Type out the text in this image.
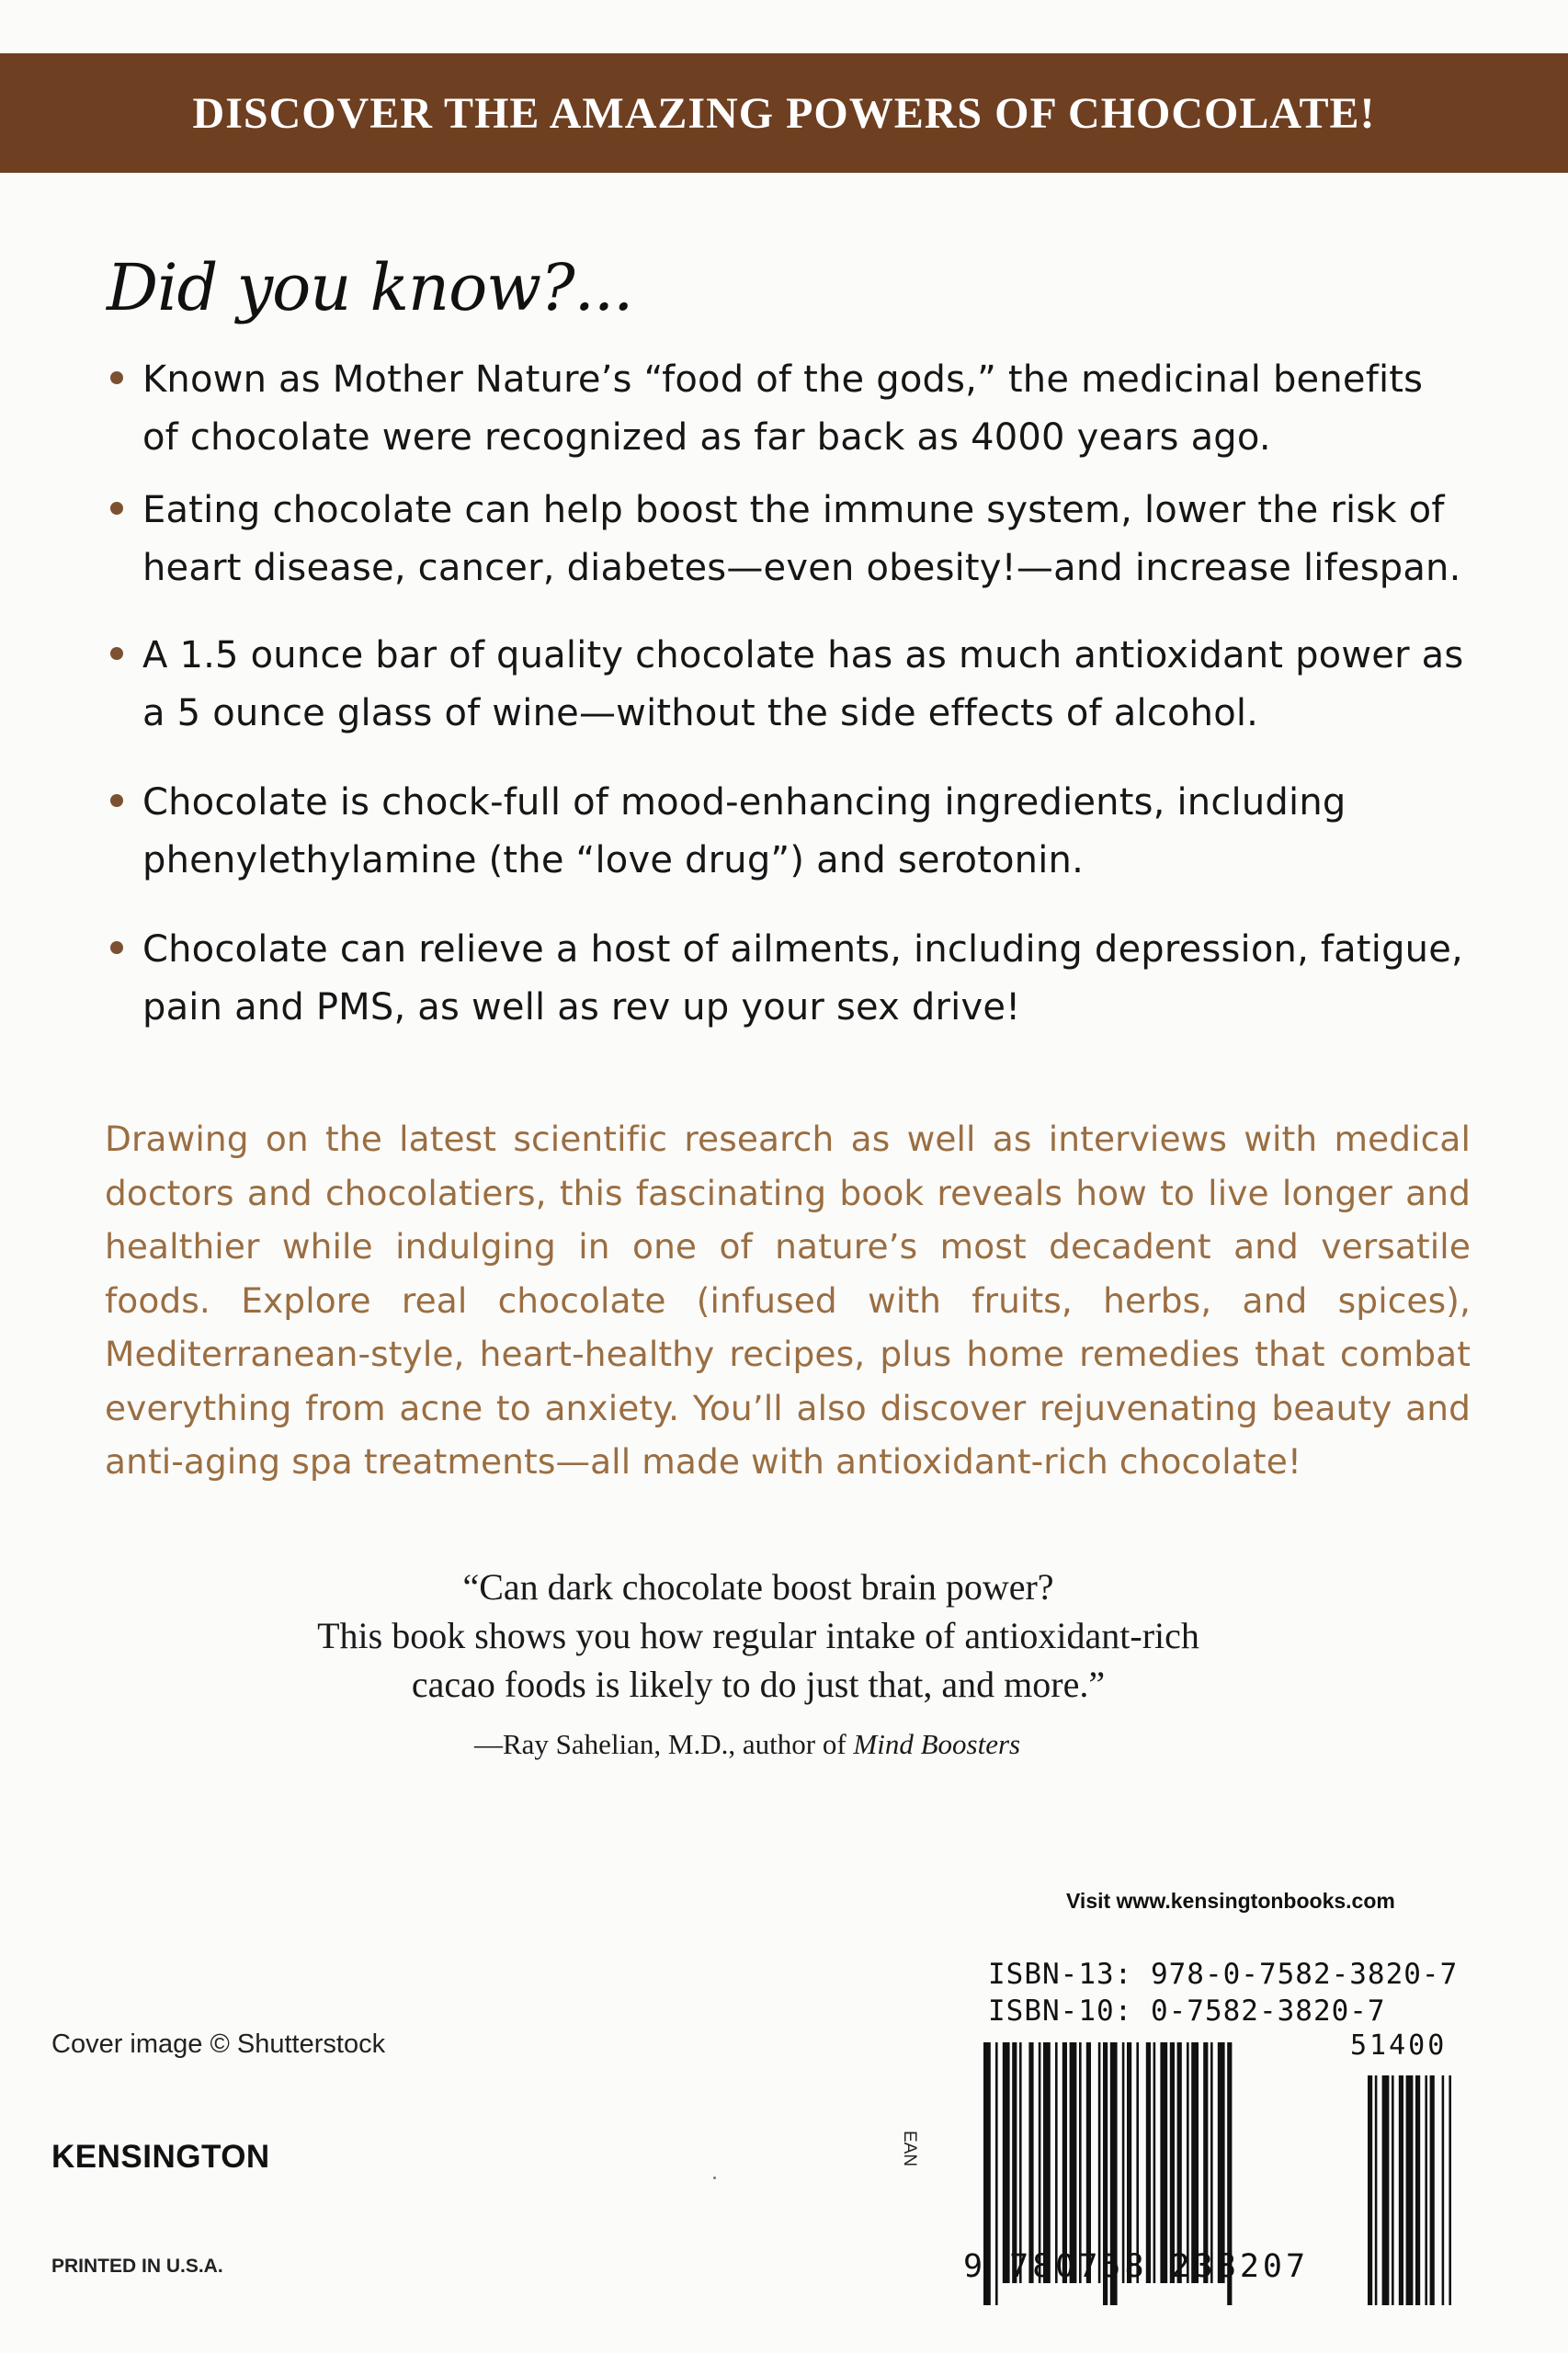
DISCOVER THE AMAZING POWERS OF CHOCOLATE!
Did you know?...
Known as Mother Nature’s “food of the gods,” the medicinal benefits
of chocolate were recognized as far back as 4000 years ago.
Eating chocolate can help boost the immune system, lower the risk of
heart disease, cancer, diabetes—even obesity!—and increase lifespan.
A 1.5 ounce bar of quality chocolate has as much antioxidant power as
a 5 ounce glass of wine—without the side effects of alcohol.
Chocolate is chock-full of mood-enhancing ingredients, including
phenylethylamine (the “love drug”) and serotonin.
Chocolate can relieve a host of ailments, including depression, fatigue,
pain and PMS, as well as rev up your sex drive!
Drawing on the latest scientific research as well as interviews with medical doctors and chocolatiers, this fascinating book reveals how to live longer and healthier while indulging in one of nature’s most decadent and versatile foods. Explore real chocolate (infused with fruits, herbs, and spices), Mediterranean-style, heart-healthy recipes, plus home remedies that combat everything from acne to anxiety. You’ll also discover rejuvenating beauty and anti-aging spa treatments—all made with antioxidant-rich chocolate!
“Can dark chocolate boost brain power?
This book shows you how regular intake of antioxidant-rich
cacao foods is likely to do just that, and more.”
—Ray Sahelian, M.D., author of Mind Boosters
Visit www.kensingtonbooks.com
ISBN-13: 978-0-7582-3820-7
ISBN-10: 0-7582-3820-7
Cover image © Shutterstock
KENSINGTON
PRINTED IN U.S.A.
EAN
51400
9 780758 238207
